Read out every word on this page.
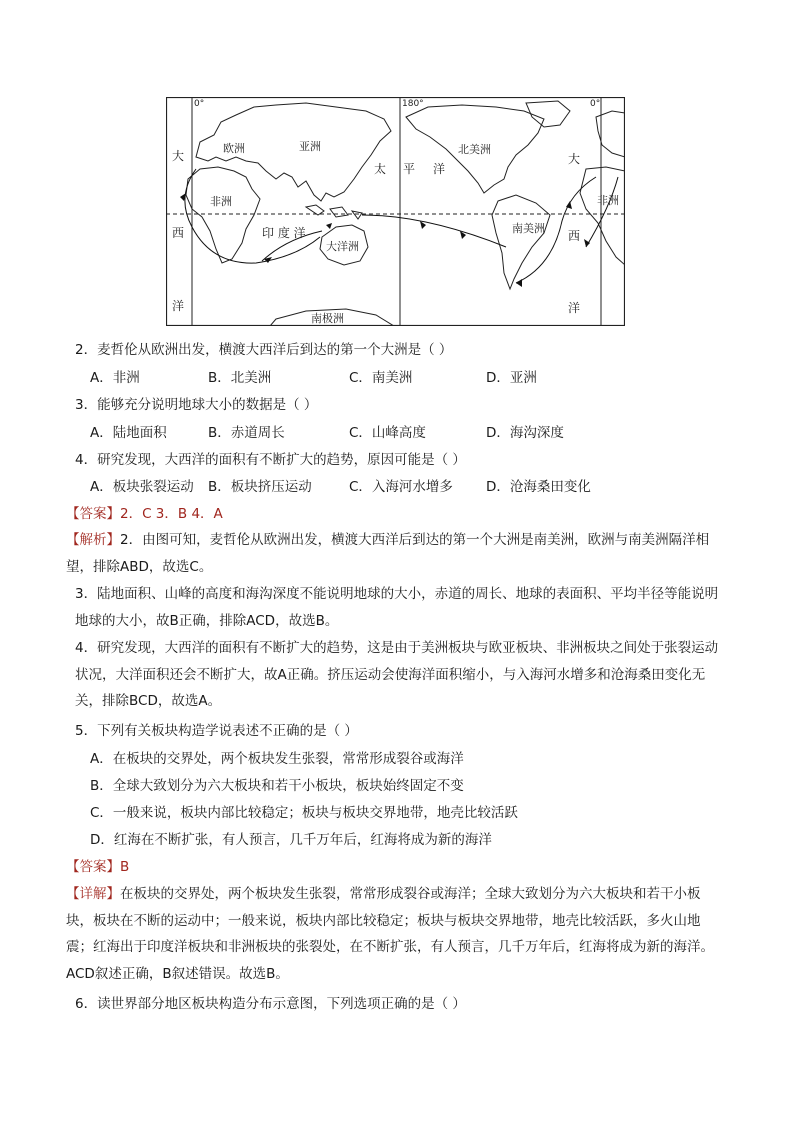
0°	180°	0°
欧洲	亚洲
非洲
大洋洲
北美洲
南美洲
非洲
南极洲
大
西
洋
印 度 洋
太 平 洋
大
西
洋
2．麦哲伦从欧洲出发，横渡大西洋后到达的第一个大洲是（ ）
A．非洲	B．北美洲	C．南美洲	D．亚洲
3．能够充分说明地球大小的数据是（ ）
A．陆地面积	B．赤道周长	C．山峰高度	D．海沟深度
4．研究发现，大西洋的面积有不断扩大的趋势，原因可能是（ ）
A．板块张裂运动 B．板块挤压运动	C．入海河水增多 D．沧海桑田变化
【答案】2．C 3．B 4．A
【解析】2．由图可知，麦哲伦从欧洲出发，横渡大西洋后到达的第一个大洲是南美洲，欧洲与南美洲隔洋相望，排除ABD，故选C。
3．陆地面积、山峰的高度和海沟深度不能说明地球的大小，赤道的周长、地球的表面积、平均半径等能说明地球的大小，故B正确，排除ACD，故选B。
4．研究发现，大西洋的面积有不断扩大的趋势，这是由于美洲板块与欧亚板块、非洲板块之间处于张裂运动状况，大洋面积还会不断扩大，故A正确。挤压运动会使海洋面积缩小，与入海河水增多和沧海桑田变化无关，排除BCD，故选A。
5．下列有关板块构造学说表述不正确的是（ ）
A．在板块的交界处，两个板块发生张裂，常常形成裂谷或海洋
B．全球大致划分为六大板块和若干小板块，板块始终固定不变
C．一般来说，板块内部比较稳定；板块与板块交界地带，地壳比较活跃
D．红海在不断扩张，有人预言，几千万年后，红海将成为新的海洋
【答案】B
【详解】在板块的交界处，两个板块发生张裂，常常形成裂谷或海洋；全球大致划分为六大板块和若干小板块，板块在不断的运动中；一般来说，板块内部比较稳定；板块与板块交界地带，地壳比较活跃，多火山地震；红海出于印度洋板块和非洲板块的张裂处，在不断扩张，有人预言，几千万年后，红海将成为新的海洋。ACD叙述正确，B叙述错误。故选B。
6．读世界部分地区板块构造分布示意图，下列选项正确的是（ ）
